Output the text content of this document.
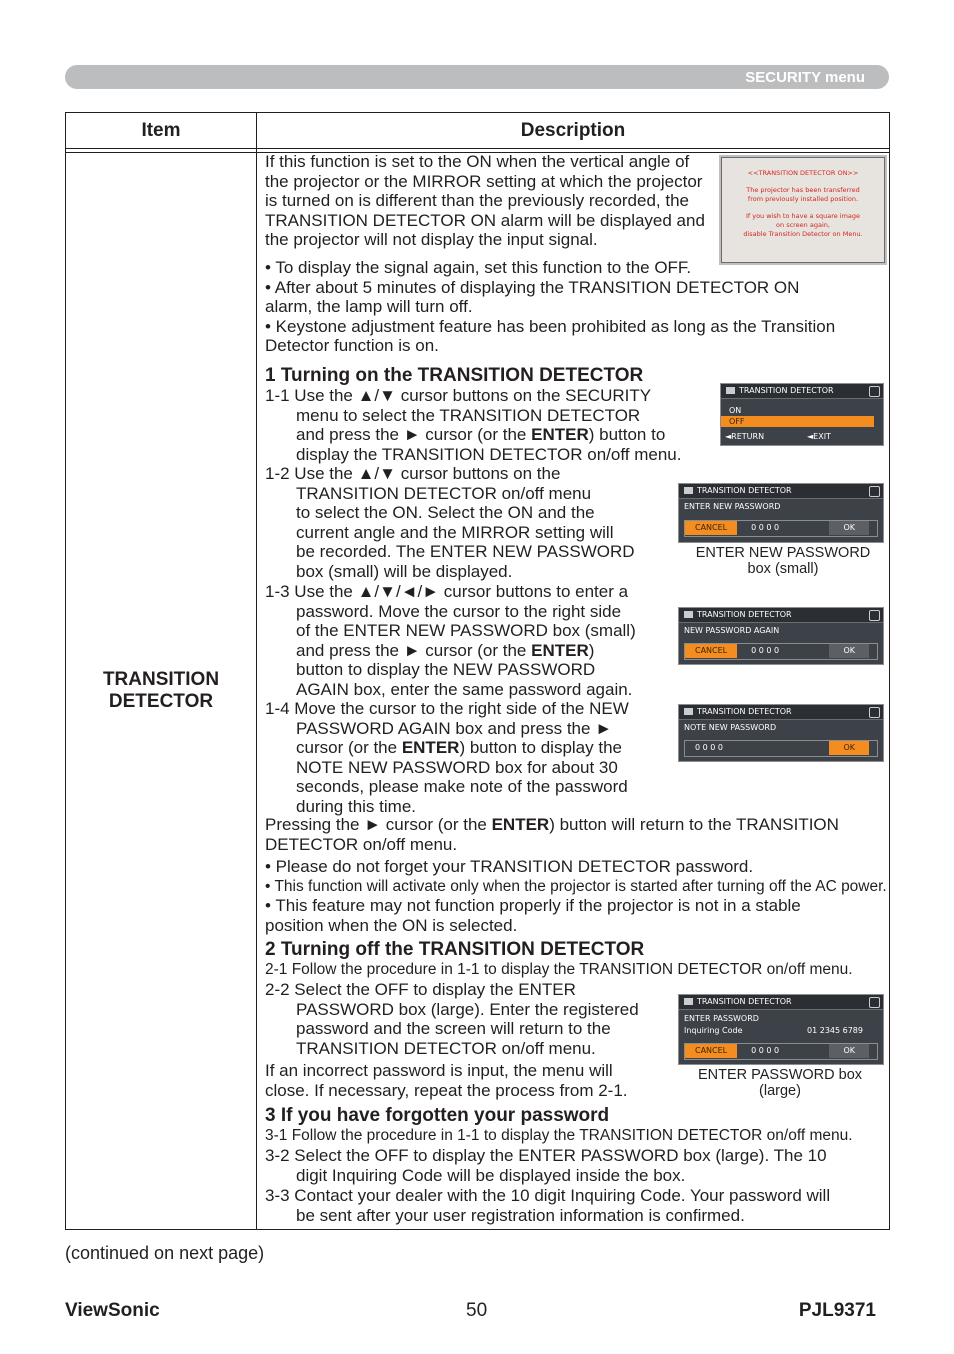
SECURITY menu
Item	Description

TRANSITION
DETECTOR	
If this function is set to the ON when the vertical angle of
the projector or the MIRROR setting at which the projector
is turned on is different than the previously recorded, the
TRANSITION DETECTOR ON alarm will be displayed and
the projector will not display the input signal.
• To display the signal again, set this function to the OFF.
• After about 5 minutes of displaying the TRANSITION DETECTOR ON
alarm, the lamp will turn off.
• Keystone adjustment feature has been prohibited as long as the Transition
Detector function is on.
1 Turning on the TRANSITION DETECTOR
1-1 Use the ▲/▼ cursor buttons on the SECURITY
menu to select the TRANSITION DETECTOR
and press the ► cursor (or the ENTER) button to
display the TRANSITION DETECTOR on/off menu.
1-2 Use the ▲/▼ cursor buttons on the
TRANSITION DETECTOR on/off menu
to select the ON. Select the ON and the
current angle and the MIRROR setting will
be recorded. The ENTER NEW PASSWORD
box (small) will be displayed.
1-3 Use the ▲/▼/◄/► cursor buttons to enter a
password. Move the cursor to the right side
of the ENTER NEW PASSWORD box (small)
and press the ► cursor (or the ENTER)
button to display the NEW PASSWORD
AGAIN box, enter the same password again.
1-4 Move the cursor to the right side of the NEW
PASSWORD AGAIN box and press the ►
cursor (or the ENTER) button to display the
NOTE NEW PASSWORD box for about 30
seconds, please make note of the password
during this time.
Pressing the ► cursor (or the ENTER) button will return to the TRANSITION
DETECTOR on/off menu.
• Please do not forget your TRANSITION DETECTOR password.
• This function will activate only when the projector is started after turning off the AC power.
• This feature may not function properly if the projector is not in a stable
position when the ON is selected.
2 Turning off the TRANSITION DETECTOR
2-1 Follow the procedure in 1-1 to display the TRANSITION DETECTOR on/off menu.
2-2 Select the OFF to display the ENTER
PASSWORD box (large). Enter the registered
password and the screen will return to the
TRANSITION DETECTOR on/off menu.
If an incorrect password is input, the menu will
close. If necessary, repeat the process from 2-1.
3 If you have forgotten your password
3-1 Follow the procedure in 1-1 to display the TRANSITION DETECTOR on/off menu.
3-2 Select the OFF to display the ENTER PASSWORD box (large). The 10
digit Inquiring Code will be displayed inside the box.
3-3 Contact your dealer with the 10 digit Inquiring Code. Your password will
be sent after your user registration information is confirmed.
<<TRANSITION DETECTOR ON>>
The projector has been transferred
from previously installed position.
If you wish to have a square image
on screen again,
disable Transition Detector on Menu.
TRANSITION DETECTOR
ON
OFF
◄RETURN	◄EXIT
TRANSITION DETECTOR
ENTER NEW PASSWORD
CANCEL	0 0 0 0	OK
TRANSITION DETECTOR
NEW PASSWORD AGAIN
CANCEL	0 0 0 0	OK
TRANSITION DETECTOR
NOTE NEW PASSWORD
0 0 0 0	OK
TRANSITION DETECTOR
ENTER PASSWORD
Inquiring Code	01 2345 6789
CANCEL	0 0 0 0	OK
ENTER NEW PASSWORD
box (small)
ENTER PASSWORD box
(large)
(continued on next page)
ViewSonic	50	PJL9371
